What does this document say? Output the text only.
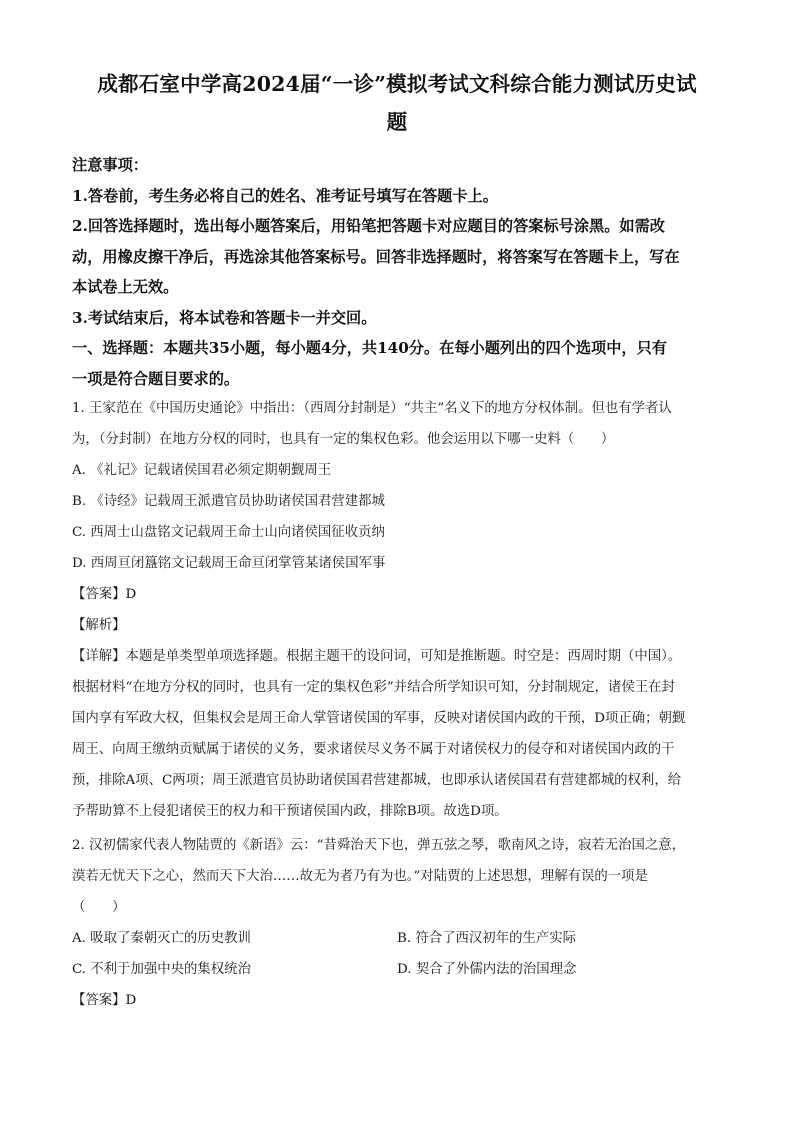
成都石室中学高2024届“一诊”模拟考试文科综合能力测试历史试
题
注意事项：
1.答卷前，考生务必将自己的姓名、准考证号填写在答题卡上。
2.回答选择题时，选出每小题答案后，用铅笔把答题卡对应题目的答案标号涂黑。如需改
动，用橡皮擦干净后，再选涂其他答案标号。回答非选择题时，将答案写在答题卡上，写在
本试卷上无效。
3.考试结束后，将本试卷和答题卡一并交回。
一、选择题：本题共35小题，每小题4分，共140分。在每小题列出的四个选项中，只有
一项是符合题目要求的。
1. 王家范在《中国历史通论》中指出：（西周分封制是）“共主”名义下的地方分权体制。但也有学者认
为，（分封制）在地方分权的同时，也具有一定的集权色彩。他会运用以下哪一史料（　　）
A. 《礼记》记载诸侯国君必须定期朝觐周王
B. 《诗经》记载周王派遣官员协助诸侯国君营建都城
C. 西周士山盘铭文记载周王命士山向诸侯国征收贡纳
D. 西周亘闭簋铭文记载周王命亘闭掌管某诸侯国军事
【答案】D
【解析】
【详解】本题是单类型单项选择题。根据主题干的设问词，可知是推断题。时空是：西周时期（中国）。
根据材料“在地方分权的同时，也具有一定的集权色彩”并结合所学知识可知，分封制规定，诸侯王在封
国内享有军政大权，但集权会是周王命人掌管诸侯国的军事，反映对诸侯国内政的干预，D项正确；朝觐
周王、向周王缴纳贡赋属于诸侯的义务，要求诸侯尽义务不属于对诸侯权力的侵夺和对诸侯国内政的干
预，排除A项、C两项；周王派遣官员协助诸侯国君营建都城，也即承认诸侯国君有营建都城的权利，给
予帮助算不上侵犯诸侯王的权力和干预诸侯国内政，排除B项。故选D项。
2. 汉初儒家代表人物陆贾的《新语》云：“昔舜治天下也，弹五弦之琴，歌南风之诗，寂若无治国之意，
漠若无忧天下之心，然而天下大治……故无为者乃有为也。”对陆贾的上述思想，理解有误的一项是
（　　）
A. 吸取了秦朝灭亡的历史教训	B. 符合了西汉初年的生产实际
C. 不利于加强中央的集权统治	D. 契合了外儒内法的治国理念
【答案】D
